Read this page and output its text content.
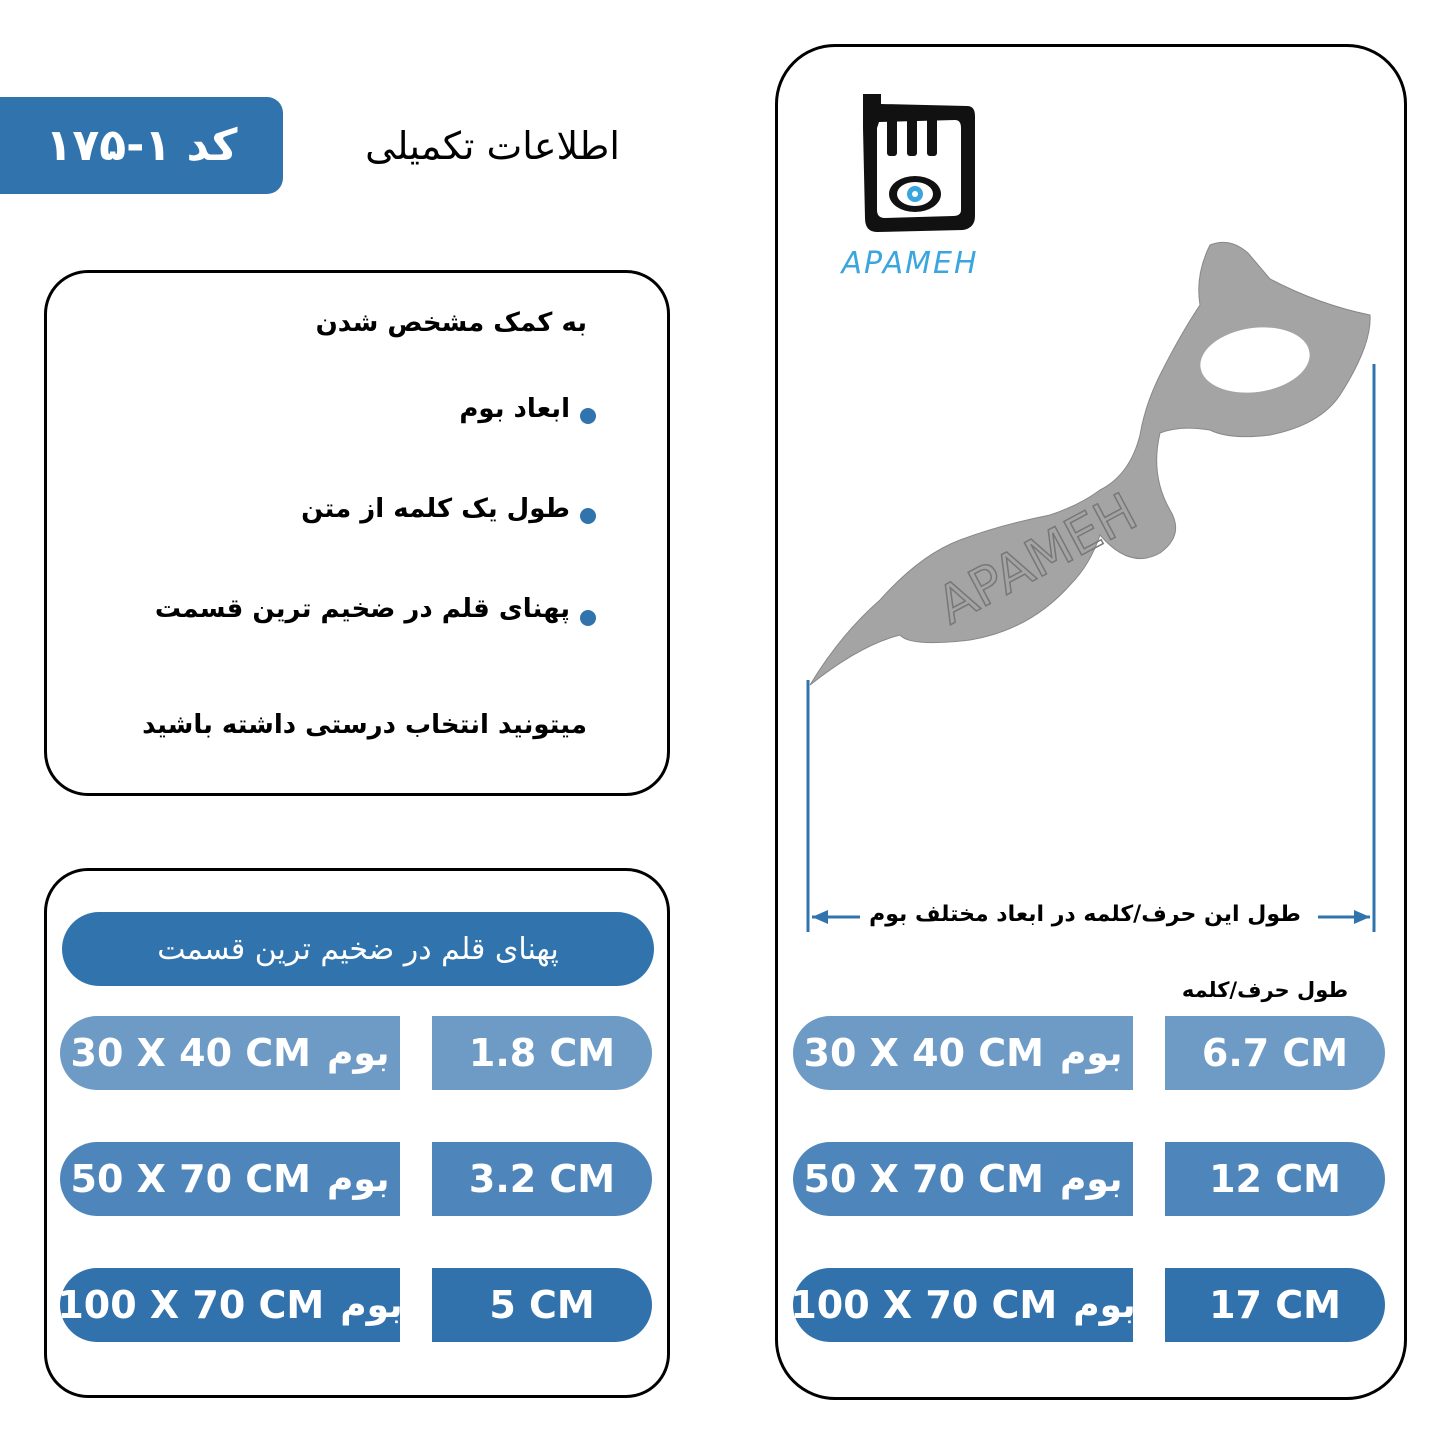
کد ۱-۱۷۵	اطلاعات تکمیلی
به کمک مشخص شدن
ابعاد بوم
طول یک کلمه از متن
پهنای قلم در ضخیم ترین قسمت
میتونید انتخاب درستی داشته باشید
پهنای قلم در ضخیم ترین قسمت
30 X 40 CM بوم	1.8 CM
50 X 70 CM بوم	3.2 CM
100 X 70 CM بوم	5 CM
APAMEH
APAMEH
طول این حرف/کلمه در ابعاد مختلف بوم
طول حرف/کلمه
30 X 40 CM بوم	6.7 CM
50 X 70 CM بوم	12 CM
100 X 70 CM بوم	17 CM
